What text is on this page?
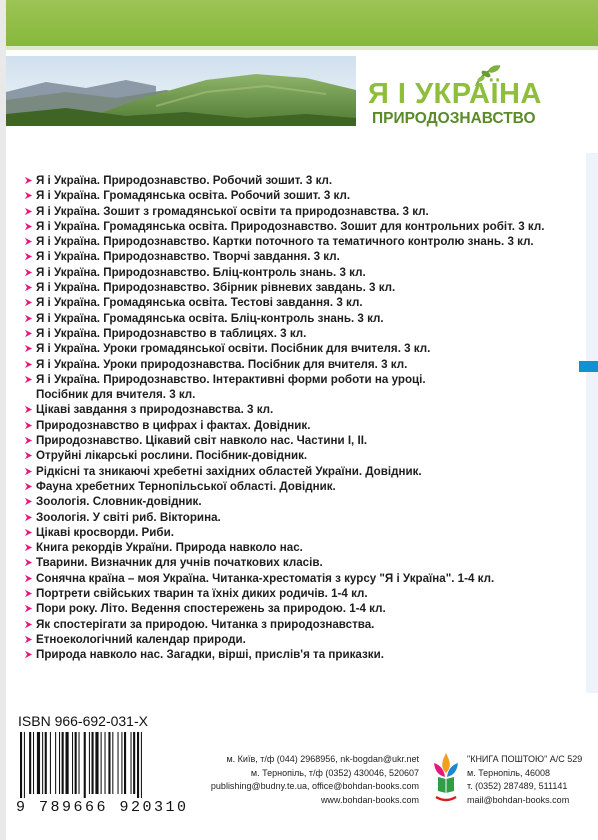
Я І УКРАЇНА
ПРИРОДОЗНАВСТВО
Я і Україна. Природознавство. Робочий зошит. 3 кл.
Я і Україна. Громадянська освіта. Робочий зошит. 3 кл.
Я і Україна. Зошит з громадянської освіти та природознавства. 3 кл.
Я і Україна. Громадянська освіта. Природознавство. Зошит для контрольних робіт. 3 кл.
Я і Україна. Природознавство. Картки поточного та тематичного контролю знань. 3 кл.
Я і Україна. Природознавство. Творчі завдання. 3 кл.
Я і Україна. Природознавство. Бліц-контроль знань. 3 кл.
Я і Україна. Природознавство. Збірник рівневих завдань. 3 кл.
Я і Україна. Громадянська освіта. Тестові завдання. 3 кл.
Я і Україна. Громадянська освіта. Бліц-контроль знань. 3 кл.
Я і Україна. Природознавство в таблицях. 3 кл.
Я і Україна. Уроки громадянської освіти. Посібник для вчителя. 3 кл.
Я і Україна. Уроки природознавства. Посібник для вчителя. 3 кл.
Я і Україна. Природознавство. Інтерактивні форми роботи на уроці.
Посібник для вчителя. 3 кл.
Цікаві завдання з природознавства. 3 кл.
Природознавство в цифрах і фактах. Довідник.
Природознавство. Цікавий світ навколо нас. Частини І, ІІ.
Отруйні лікарські рослини. Посібник-довідник.
Рідкісні та зникаючі хребетні західних областей України. Довідник.
Фауна хребетних Тернопільської області. Довідник.
Зоологія. Словник-довідник.
Зоологія. У світі риб. Вікторина.
Цікаві кросворди. Риби.
Книга рекордів України. Природа навколо нас.
Тварини. Визначник для учнів початкових класів.
Сонячна країна – моя Україна. Читанка-хрестоматія з курсу "Я і Україна". 1-4 кл.
Портрети свійських тварин та їхніх диких родичів. 1-4 кл.
Пори року. Літо. Ведення спостережень за природою. 1-4 кл.
Як спостерігати за природою. Читанка з природознавства.
Етноекологічний календар природи.
Природа навколо нас. Загадки, вірші, прислів'я та приказки.
ISBN 966-692-031-X
9 789666 920310
м. Київ, т/ф (044) 2968956, nk-bogdan@ukr.net
м. Тернопіль, т/ф (0352) 430046, 520607
publishing@budny.te.ua, office@bohdan-books.com
www.bohdan-books.com
"КНИГА ПОШТОЮ" А/С 529
м. Тернопіль, 46008
т. (0352) 287489, 511141
mail@bohdan-books.com
